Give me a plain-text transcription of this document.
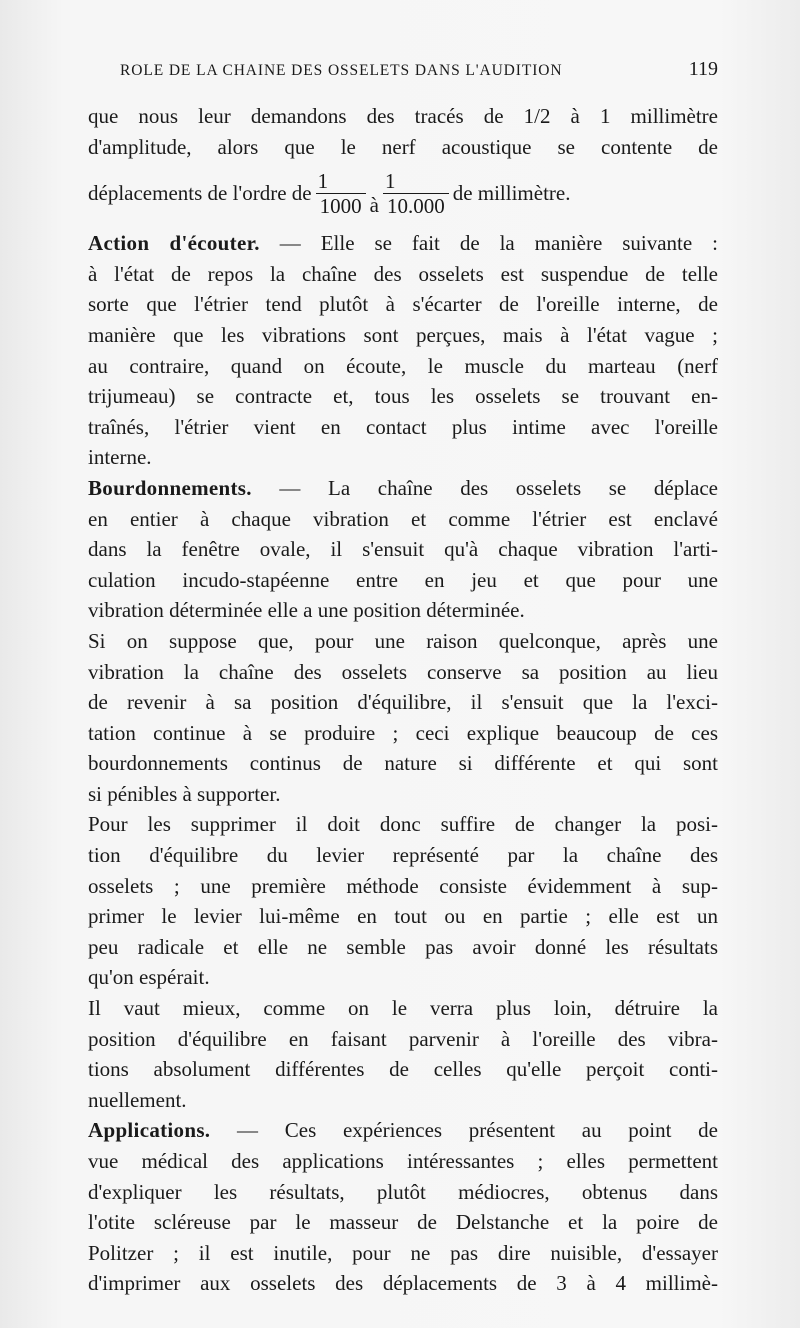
ROLE DE LA CHAINE DES OSSELETS DANS L'AUDITION	119

que nous leur demandons des tracés de 1/2 à 1 millimètre
d'amplitude, alors que le nerf acoustique se contente de

déplacements de l'ordre de $\frac{1}{1000}$ à $\frac{1}{10.000}$ de millimètre.

Action d'écouter. — Elle se fait de la manière suivante :
à l'état de repos la chaîne des osselets est suspendue de telle
sorte que l'étrier tend plutôt à s'écarter de l'oreille interne, de
manière que les vibrations sont perçues, mais à l'état vague ;
au contraire, quand on écoute, le muscle du marteau (nerf
trijumeau) se contracte et, tous les osselets se trouvant en-
traînés, l'étrier vient en contact plus intime avec l'oreille
interne.

Bourdonnements. — La chaîne des osselets se déplace
en entier à chaque vibration et comme l'étrier est enclavé
dans la fenêtre ovale, il s'ensuit qu'à chaque vibration l'arti-
culation incudo-stapéenne entre en jeu et que pour une
vibration déterminée elle a une position déterminée.

Si on suppose que, pour une raison quelconque, après une
vibration la chaîne des osselets conserve sa position au lieu
de revenir à sa position d'équilibre, il s'ensuit que la l'exci-
tation continue à se produire ; ceci explique beaucoup de ces
bourdonnements continus de nature si différente et qui sont
si pénibles à supporter.

Pour les supprimer il doit donc suffire de changer la posi-
tion d'équilibre du levier représenté par la chaîne des
osselets ; une première méthode consiste évidemment à sup-
primer le levier lui-même en tout ou en partie ; elle est un
peu radicale et elle ne semble pas avoir donné les résultats
qu'on espérait.

Il vaut mieux, comme on le verra plus loin, détruire la
position d'équilibre en faisant parvenir à l'oreille des vibra-
tions absolument différentes de celles qu'elle perçoit conti-
nuellement.

Applications. — Ces expériences présentent au point de
vue médical des applications intéressantes ; elles permettent
d'expliquer les résultats, plutôt médiocres, obtenus dans
l'otite scléreuse par le masseur de Delstanche et la poire de
Politzer ; il est inutile, pour ne pas dire nuisible, d'essayer
d'imprimer aux osselets des déplacements de 3 à 4 millimè-
